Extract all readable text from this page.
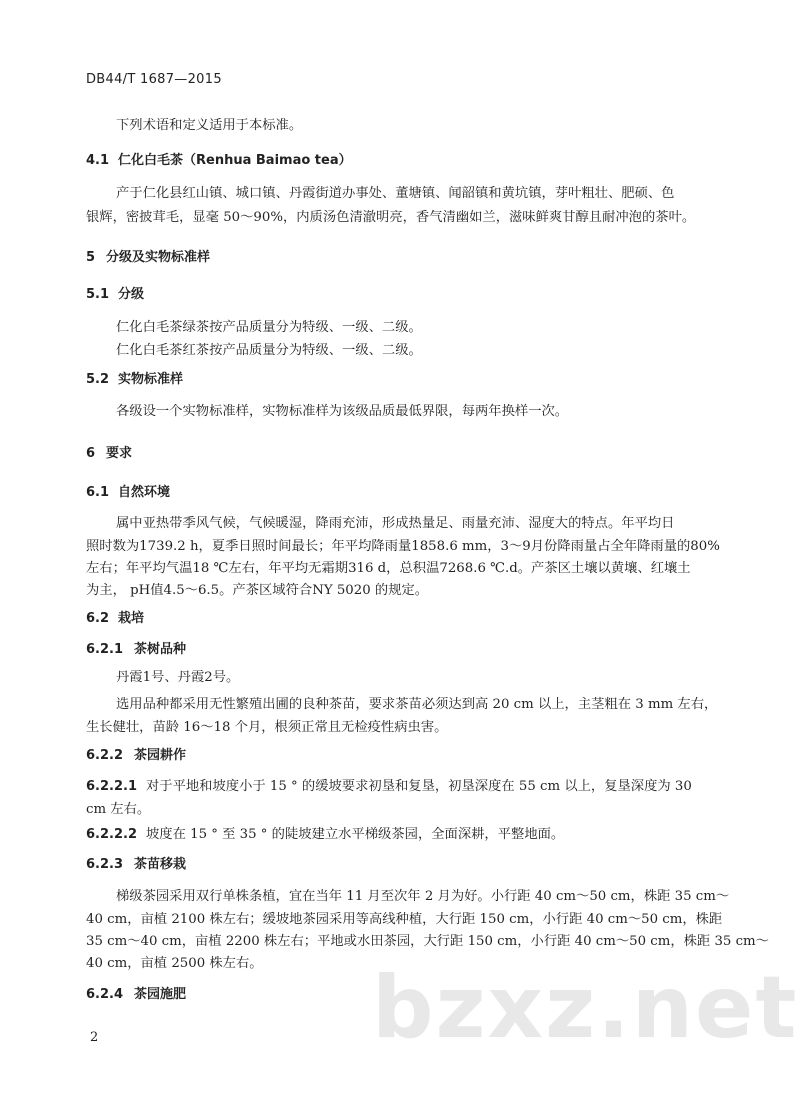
DB44/T 1687—2015
下列术语和定义适用于本标准。
4.1 仁化白毛茶（Renhua Baimao tea）
产于仁化县红山镇、城口镇、丹霞街道办事处、董塘镇、闻韶镇和黄坑镇，芽叶粗壮、肥硕、色
银辉，密披茸毛，显毫 50～90%，内质汤色清澈明亮，香气清幽如兰，滋味鲜爽甘醇且耐冲泡的茶叶。
5 分级及实物标准样
5.1 分级
仁化白毛茶绿茶按产品质量分为特级、一级、二级。
仁化白毛茶红茶按产品质量分为特级、一级、二级。
5.2 实物标准样
各级设一个实物标准样，实物标准样为该级品质最低界限，每两年换样一次。
6 要求
6.1 自然环境
属中亚热带季风气候，气候暖湿，降雨充沛，形成热量足、雨量充沛、湿度大的特点。年平均日
照时数为1739.2 h，夏季日照时间最长；年平均降雨量1858.6 mm，3～9月份降雨量占全年降雨量的80%
左右；年平均气温18 ℃左右，年平均无霜期316 d，总积温7268.6 ℃.d。产茶区土壤以黄壤、红壤土
为主， pH值4.5～6.5。产茶区域符合NY 5020 的规定。
6.2 栽培
6.2.1 茶树品种
丹霞1号、丹霞2号。
选用品种都采用无性繁殖出圃的良种茶苗，要求茶苗必须达到高 20 cm 以上，主茎粗在 3 mm 左右，
生长健壮，苗龄 16～18 个月，根须正常且无检疫性病虫害。
6.2.2 茶园耕作
6.2.2.1 对于平地和坡度小于 15 ° 的缓坡要求初垦和复垦，初垦深度在 55 cm 以上，复垦深度为 30
cm 左右。
6.2.2.2 坡度在 15 ° 至 35 ° 的陡坡建立水平梯级茶园，全面深耕，平整地面。
6.2.3 茶苗移栽
梯级茶园采用双行单株条植，宜在当年 11 月至次年 2 月为好。小行距 40 cm～50 cm，株距 35 cm～
40 cm，亩植 2100 株左右；缓坡地茶园采用等高线种植，大行距 150 cm，小行距 40 cm～50 cm，株距
35 cm～40 cm，亩植 2200 株左右；平地或水田茶园，大行距 150 cm，小行距 40 cm～50 cm，株距 35 cm～
40 cm，亩植 2500 株左右。
6.2.4 茶园施肥 bzxz.net
2
